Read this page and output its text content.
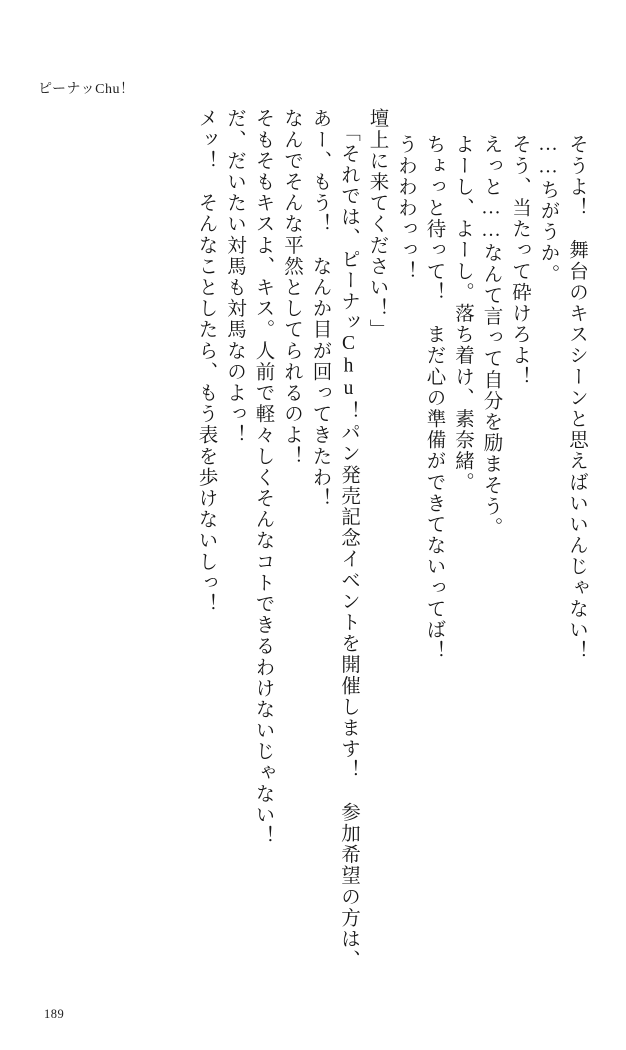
ピーナッChu！
メッ！　そんなことしたら、もう表を歩けないしっ！ だ、だいたい対馬も対馬なのよっ！ そもそもキスよ、キス。人前で軽々しくそんなコトできるわけないじゃない！ なんでそんな平然としてられるのよ！ あー、もう！　なんか目が回ってきたわ！ 「それでは、ピーナッChu！パン発売記念イベントを開催します！　参加希望の方は、 壇上に来てください！」 うわわわっっ！ ちょっと待って！　まだ心の準備ができてないってば！ よーし、よーし。落ち着け、素奈緒。 えっと……なんて言って自分を励まそう。 そう、当たって砕けろよ！ ……ちがうか。 そうよ！　舞台のキスシーンと思えばいいんじゃない！
189
